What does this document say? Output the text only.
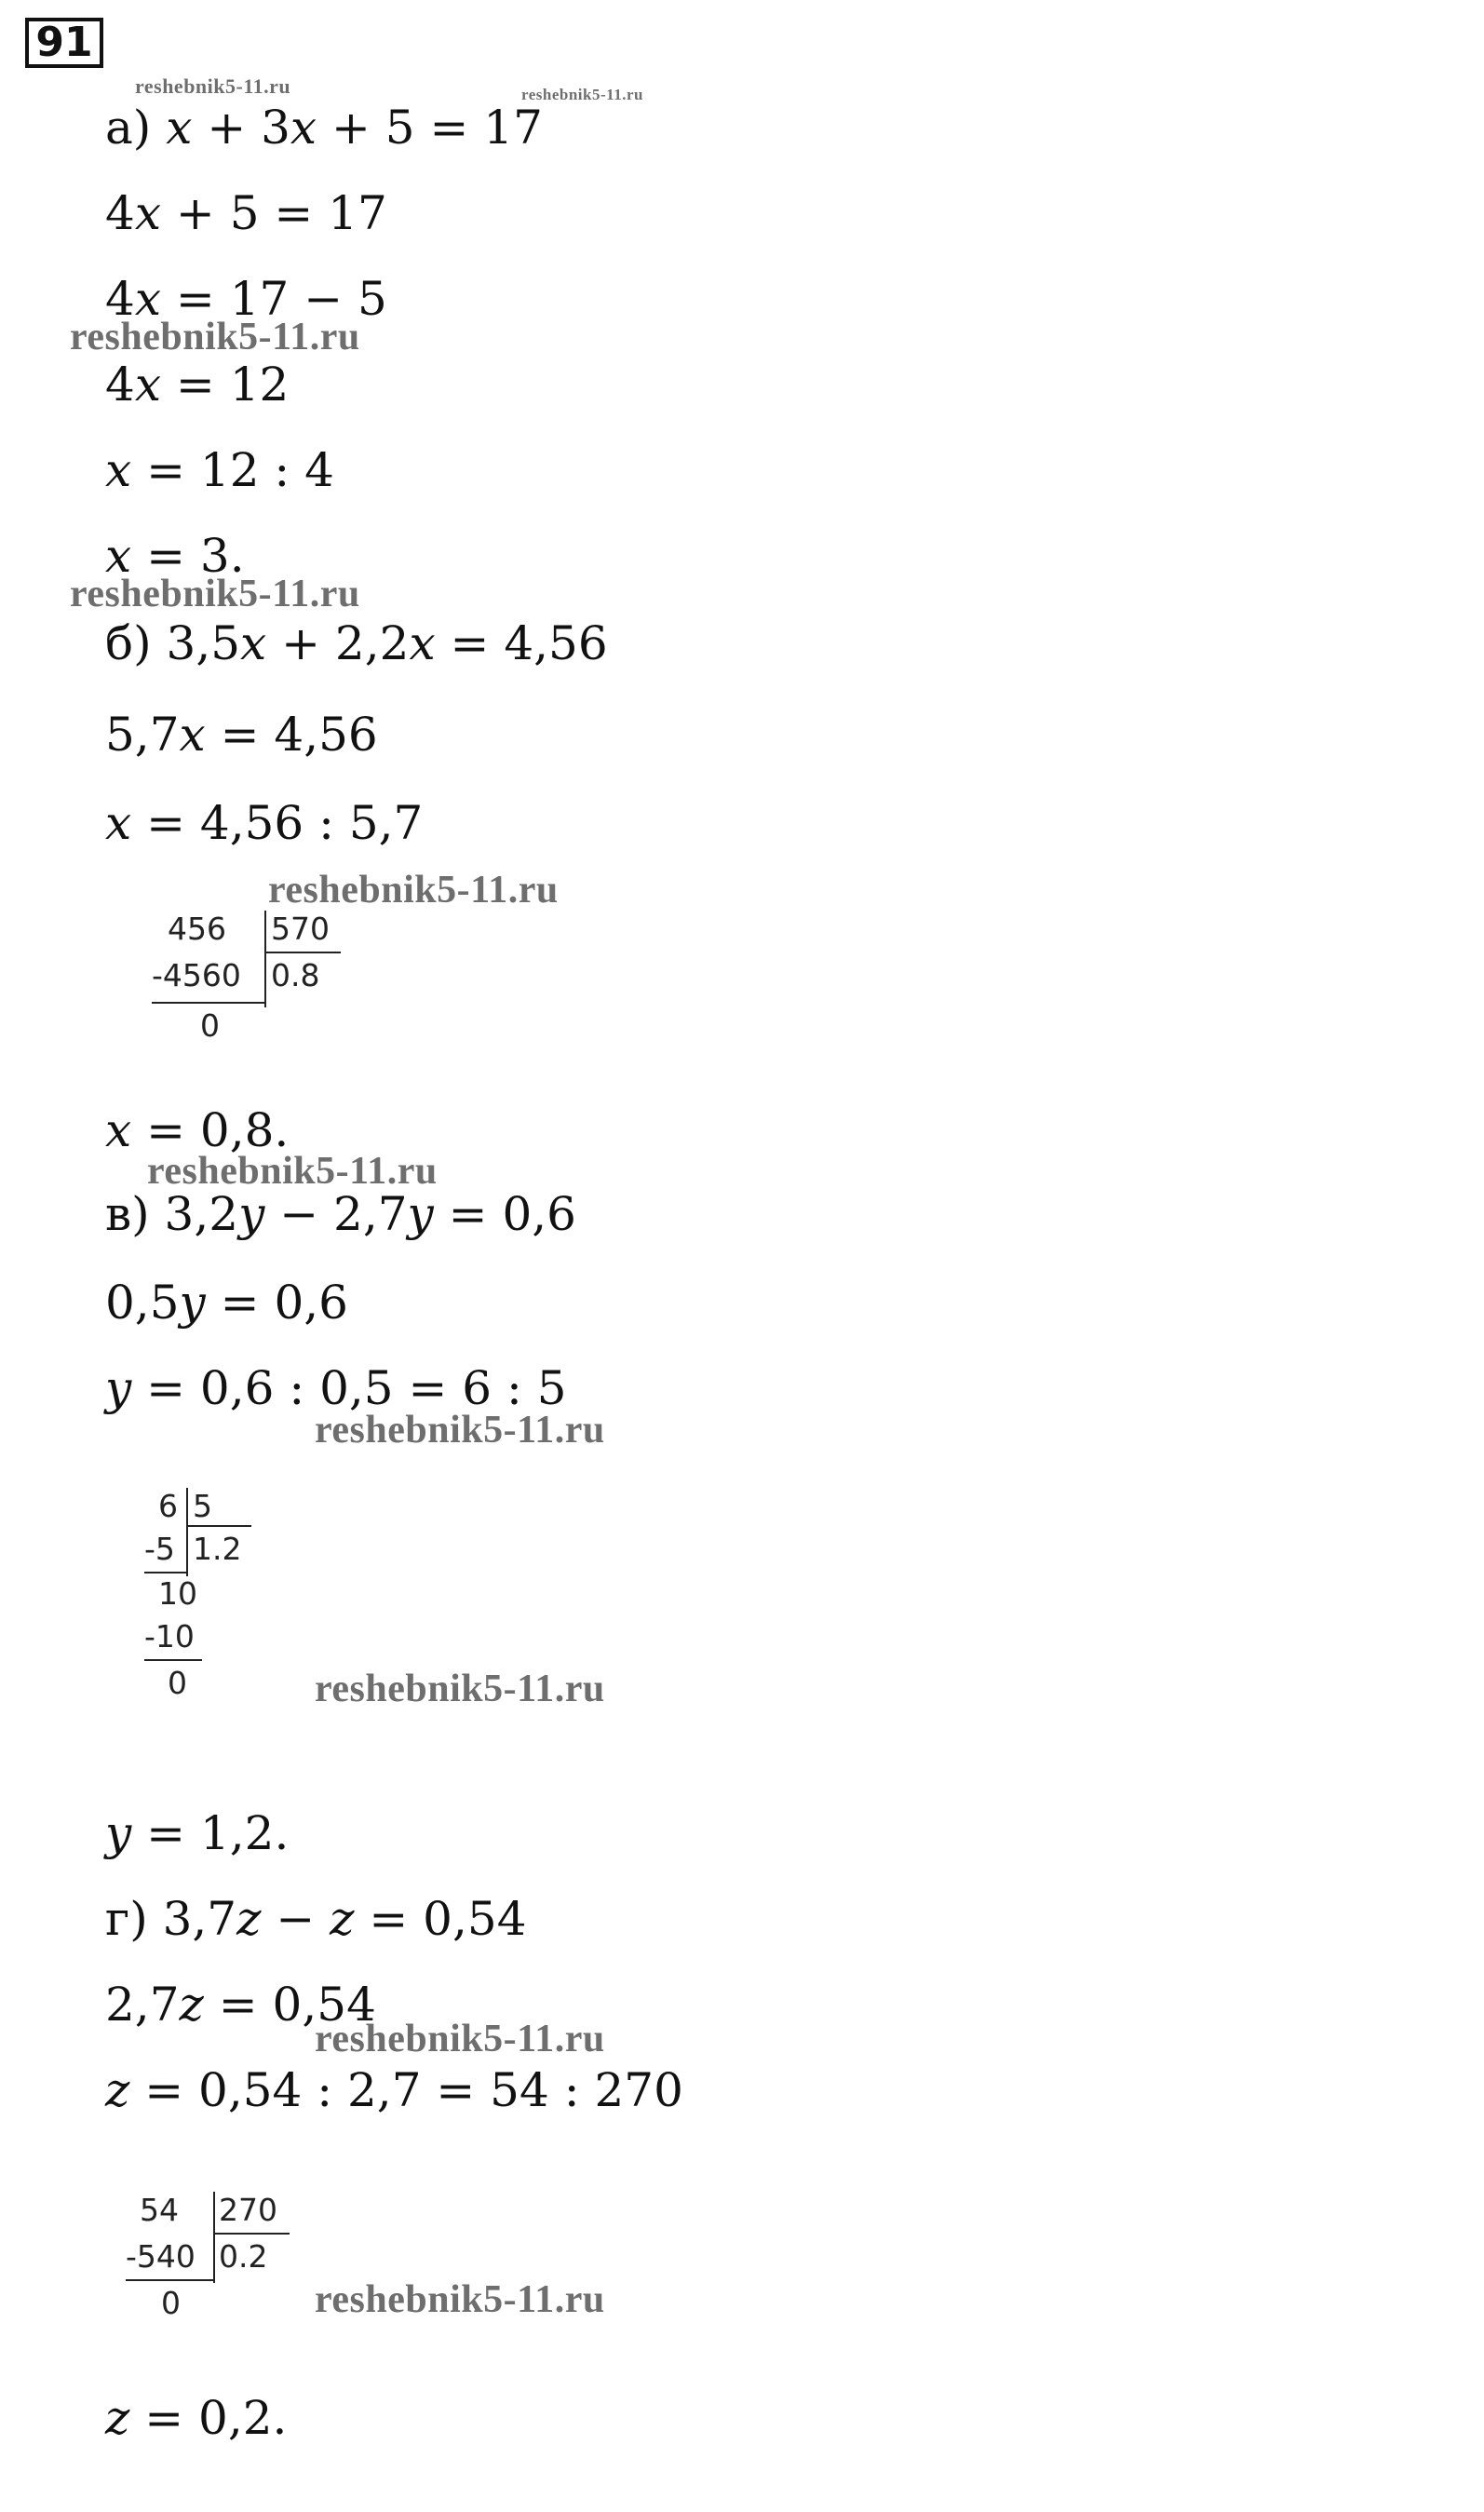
91
reshebnik5-11.ru	reshebnik5-11.ru
reshebnik5-11.ru
reshebnik5-11.ru
reshebnik5-11.ru
reshebnik5-11.ru
reshebnik5-11.ru
reshebnik5-11.ru
reshebnik5-11.ru
reshebnik5-11.ru
а) x + 3x + 5 = 17
4x + 5 = 17
4x = 17 − 5
4x = 12
x = 12 : 4
x = 3.
б) 3,5x + 2,2x = 4,56
5,7x = 4,56
x = 4,56 : 5,7
456 570
-4560 0.8
0
x = 0,8.
в) 3,2y − 2,7y = 0,6
0,5y = 0,6
y = 0,6 : 0,5 = 6 : 5
6 5
-5 1.2
10
-10
0
y = 1,2.
г) 3,7z − z = 0,54
2,7z = 0,54
z = 0,54 : 2,7 = 54 : 270
54 270
-540 0.2
0
z = 0,2.
